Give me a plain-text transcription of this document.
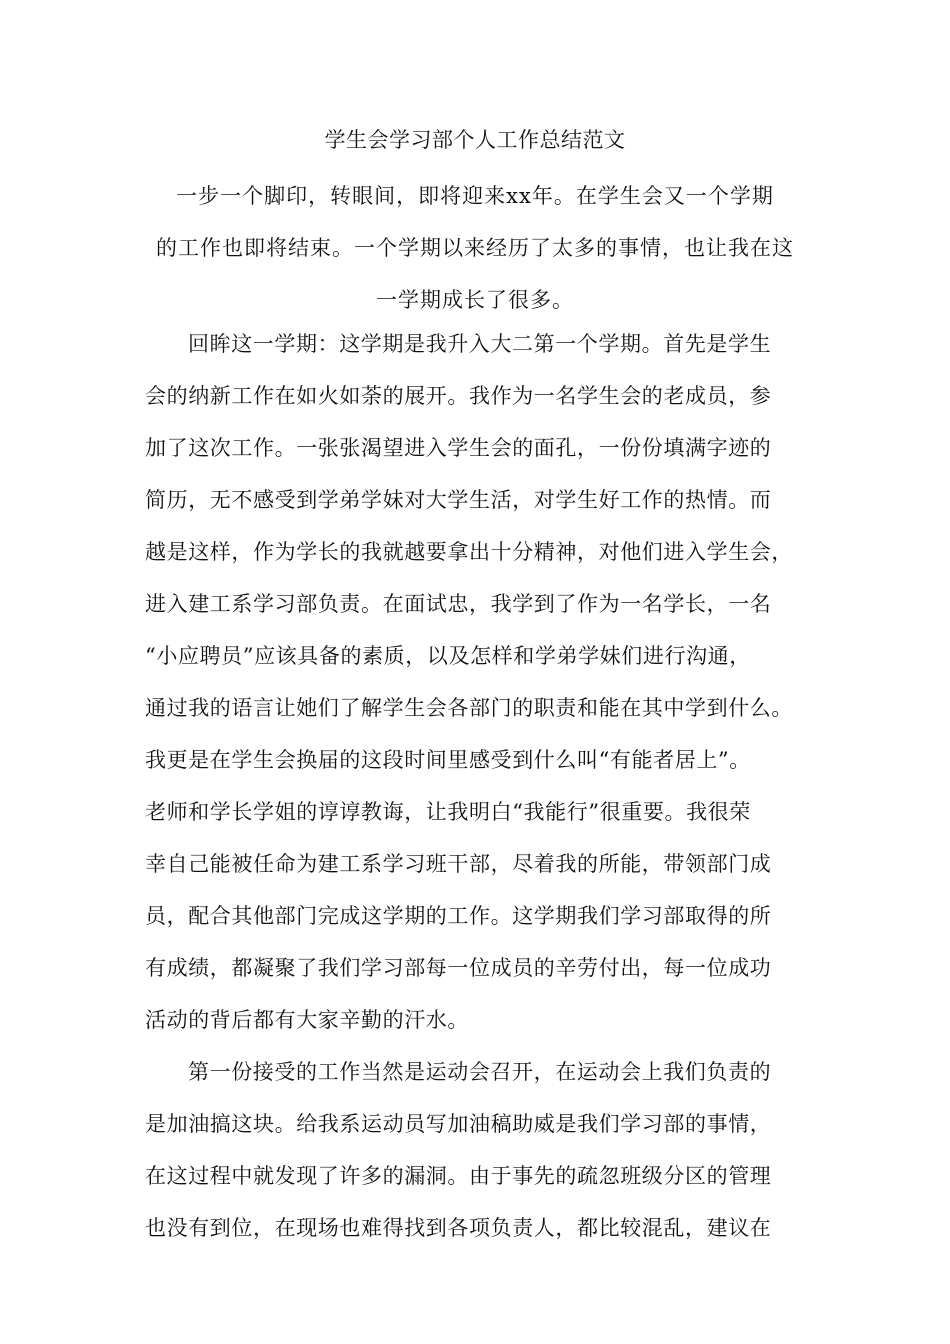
学生会学习部个人工作总结范文
一步一个脚印，转眼间，即将迎来xx年。在学生会又一个学期
的工作也即将结束。一个学期以来经历了太多的事情，也让我在这
一学期成长了很多。
回眸这一学期：这学期是我升入大二第一个学期。首先是学生
会的纳新工作在如火如荼的展开。我作为一名学生会的老成员，参
加了这次工作。一张张渴望进入学生会的面孔，一份份填满字迹的
简历，无不感受到学弟学妹对大学生活，对学生好工作的热情。而
越是这样，作为学长的我就越要拿出十分精神，对他们进入学生会，
进入建工系学习部负责。在面试忠，我学到了作为一名学长，一名
“小应聘员”应该具备的素质，以及怎样和学弟学妹们进行沟通，
通过我的语言让她们了解学生会各部门的职责和能在其中学到什么。
我更是在学生会换届的这段时间里感受到什么叫“有能者居上”。
老师和学长学姐的谆谆教诲，让我明白“我能行”很重要。我很荣
幸自己能被任命为建工系学习班干部，尽着我的所能，带领部门成
员，配合其他部门完成这学期的工作。这学期我们学习部取得的所
有成绩，都凝聚了我们学习部每一位成员的辛劳付出，每一位成功
活动的背后都有大家辛勤的汗水。
第一份接受的工作当然是运动会召开，在运动会上我们负责的
是加油搞这块。给我系运动员写加油稿助威是我们学习部的事情，
在这过程中就发现了许多的漏洞。由于事先的疏忽班级分区的管理
也没有到位，在现场也难得找到各项负责人，都比较混乱，建议在
